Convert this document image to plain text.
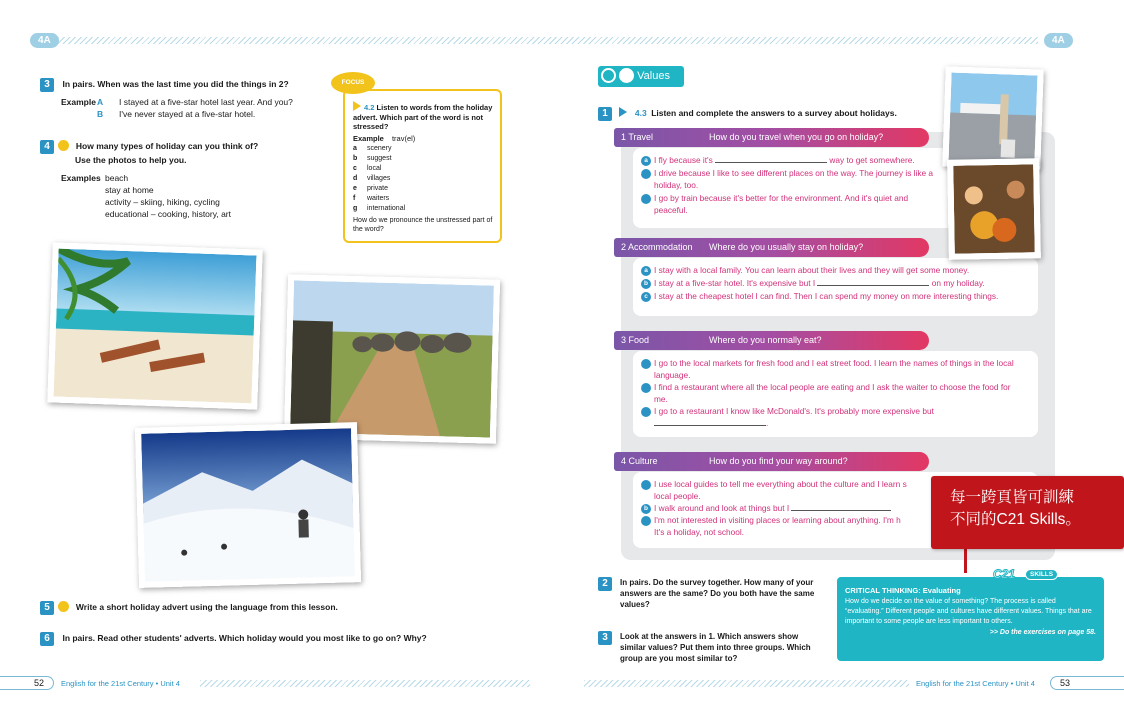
4A	4A
3 In pairs. When was the last time you did the things in 2?
ExampleA I stayed at a five-star hotel last year. And you?
B I've never stayed at a five-star hotel.
4	How many types of holiday can you think of?
Use the photos to help you.
Examples beach
stay at home
activity – skiing, hiking, cycling
educational – cooking, history, art
4.2 Listen to words from the holiday advert. Which part of the word is not stressed?
Example trav(el)
a scenery
b suggest
c local
d villages
e private
f waiters
g international
How do we pronounce the unstressed part of the word?
FOCUS
5	Write a short holiday advert using the language from this lesson.
6 In pairs. Read other students' adverts. Which holiday would you most like to go on? Why?
Values
1	4.3 Listen and complete the answers to a survey about holidays.
1 Travel	How do you travel when you go on holiday?
a I fly because it's	way to get somewhere.
b I drive because I like to see different places on the way. The journey is like a holiday, too.
c I go by train because it's better for the environment. And it's quiet and peaceful.
2 Accommodation Where do you usually stay on holiday?
a I stay with a local family. You can learn about their lives and they will get some money.
b I stay at a five-star hotel. It's expensive but I	on my holiday.
c I stay at the cheapest hotel I can find. Then I can spend my money on more interesting things.
3 Food	Where do you normally eat?
a I go to the local markets for fresh food and I eat street food. I learn the names of things in the local language.
b I find a restaurant where all the local people are eating and I ask the waiter to choose the food for me.
c I go to a restaurant I know like McDonald's. It's probably more expensive but
.
4 Culture	How do you find your way around?
a I use local guides to tell me everything about the culture and I learn s
local people.
b I walk around and look at things but I
c I'm not interested in visiting places or learning about anything. I'm h
It's a holiday, not school.
每一跨頁皆可訓練
不同的C21 Skills。
2	In pairs. Do the survey together. How many of your answers are the same? Do you both have the same values?
3	Look at the answers in 1. Which answers show similar values? Put them into three groups. Which group are you most similar to?
CRITICAL THINKING: Evaluating
How do we decide on the value of something? The process is called “evaluating.” Different people and cultures have different values. Things that are important to some people are less important to others.
>> Do the exercises on page 58.
C21	SKILLS
52 English for the 21st Century • Unit 4	English for the 21st Century • Unit 4	53
